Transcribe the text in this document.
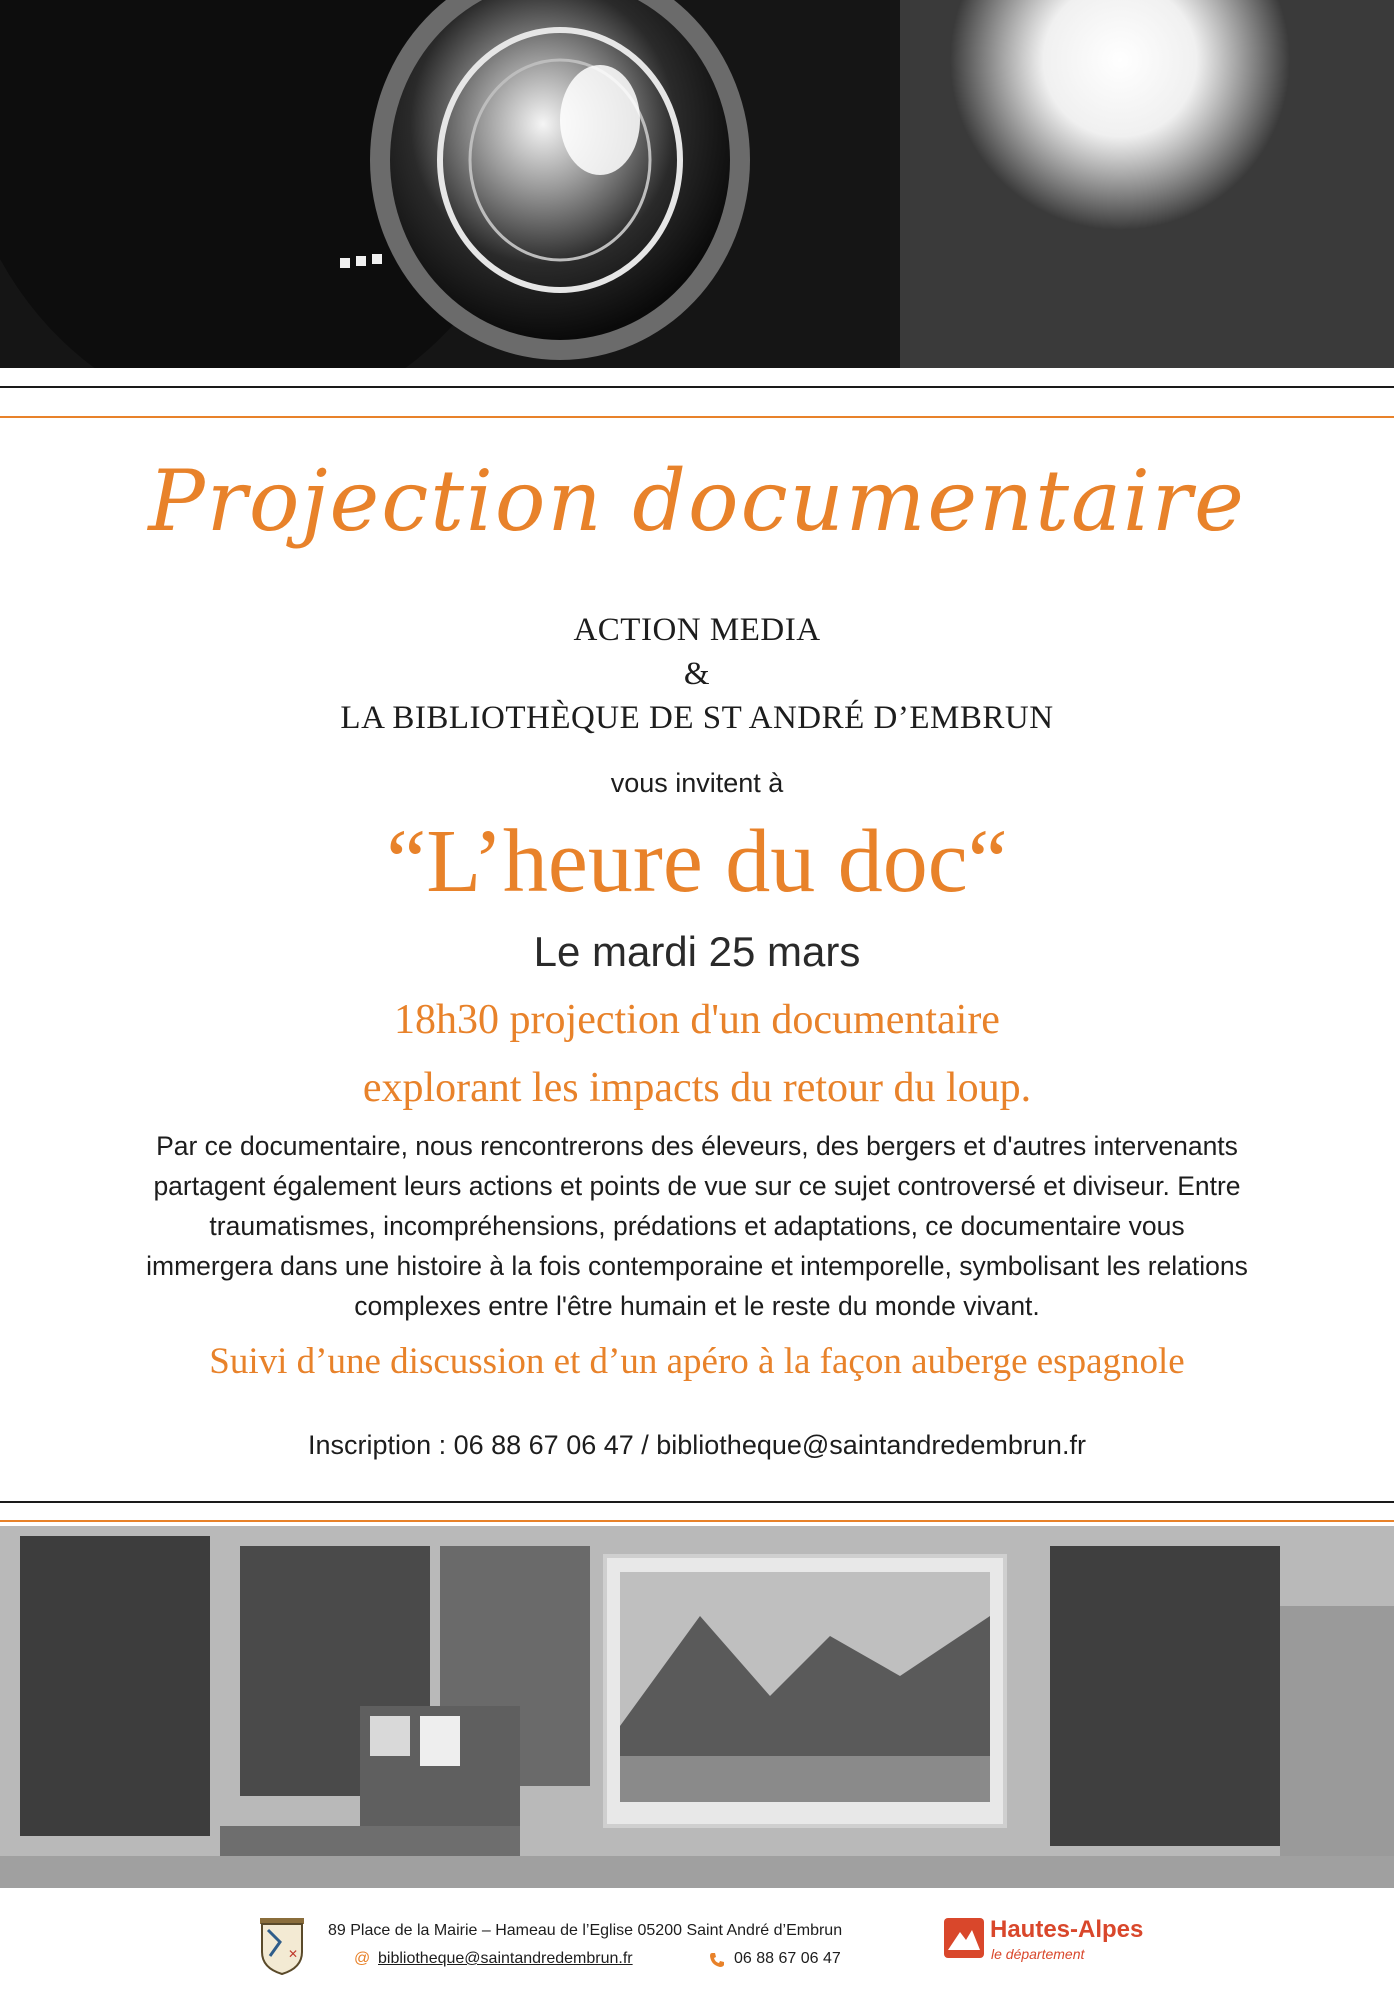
Projection documentaire

ACTION MEDIA

&

LA BIBLIOTHÈQUE DE ST ANDRÉ D’EMBRUN

vous invitent à

“L’heure du doc“

Le mardi 25 mars

18h30 projection d'un documentaire

explorant les impacts du retour du loup.

Par ce documentaire, nous rencontrerons des éleveurs, des bergers et d'autres intervenants
partagent également leurs actions et points de vue sur ce sujet controversé et diviseur. Entre
traumatismes, incompréhensions, prédations et adaptations, ce documentaire vous
immergera dans une histoire à la fois contemporaine et intemporelle, symbolisant les relations
complexes entre l'être humain et le reste du monde vivant.

Suivi d’une discussion et d’un apéro à la façon auberge espagnole

Inscription : 06 88 67 06 47 / bibliotheque@saintandredembrun.fr

✕
89 Place de la Mairie – Hameau de l’Eglise 05200 Saint André d’Embrun
@ bibliotheque@saintandredembrun.fr	06 88 67 06 47
Hautes-Alpes
le département
